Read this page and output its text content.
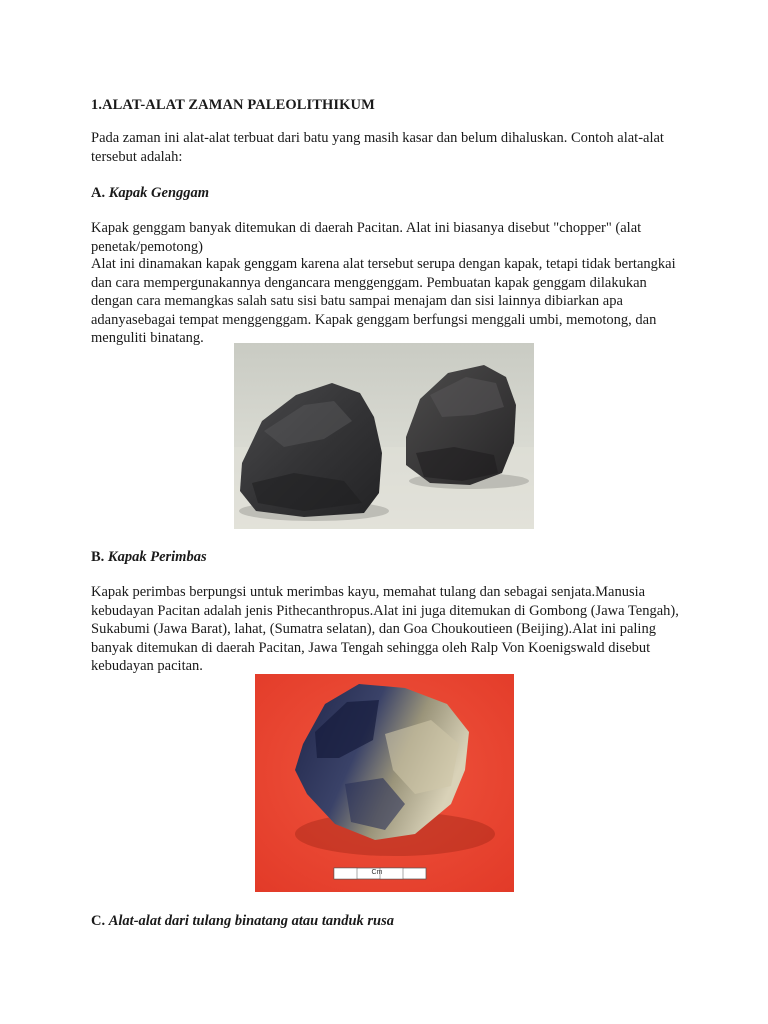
1.ALAT-ALAT ZAMAN PALEOLITHIKUM
Pada zaman ini alat-alat terbuat dari batu yang masih kasar dan belum dihaluskan. Contoh alat-alat tersebut adalah:
A. Kapak Genggam
Kapak genggam banyak ditemukan di daerah Pacitan. Alat ini biasanya disebut "chopper" (alat penetak/pemotong)
Alat ini dinamakan kapak genggam karena alat tersebut serupa dengan kapak, tetapi tidak bertangkai dan cara mempergunakannya dengancara menggenggam. Pembuatan kapak genggam dilakukan dengan cara memangkas salah satu sisi batu sampai menajam dan sisi lainnya dibiarkan apa adanyasebagai tempat menggenggam. Kapak genggam berfungsi menggali umbi, memotong, dan menguliti binatang.
B. Kapak Perimbas
Kapak perimbas berpungsi untuk merimbas kayu, memahat tulang dan sebagai senjata.Manusia kebudayan Pacitan adalah jenis Pithecanthropus.Alat ini juga ditemukan di Gombong (Jawa Tengah), Sukabumi (Jawa Barat), lahat, (Sumatra selatan), dan Goa Choukoutieen (Beijing).Alat ini paling banyak ditemukan di daerah Pacitan, Jawa Tengah sehingga oleh Ralp Von Koenigswald disebut kebudayan pacitan.
Cm
C. Alat-alat dari tulang binatang atau tanduk rusa
